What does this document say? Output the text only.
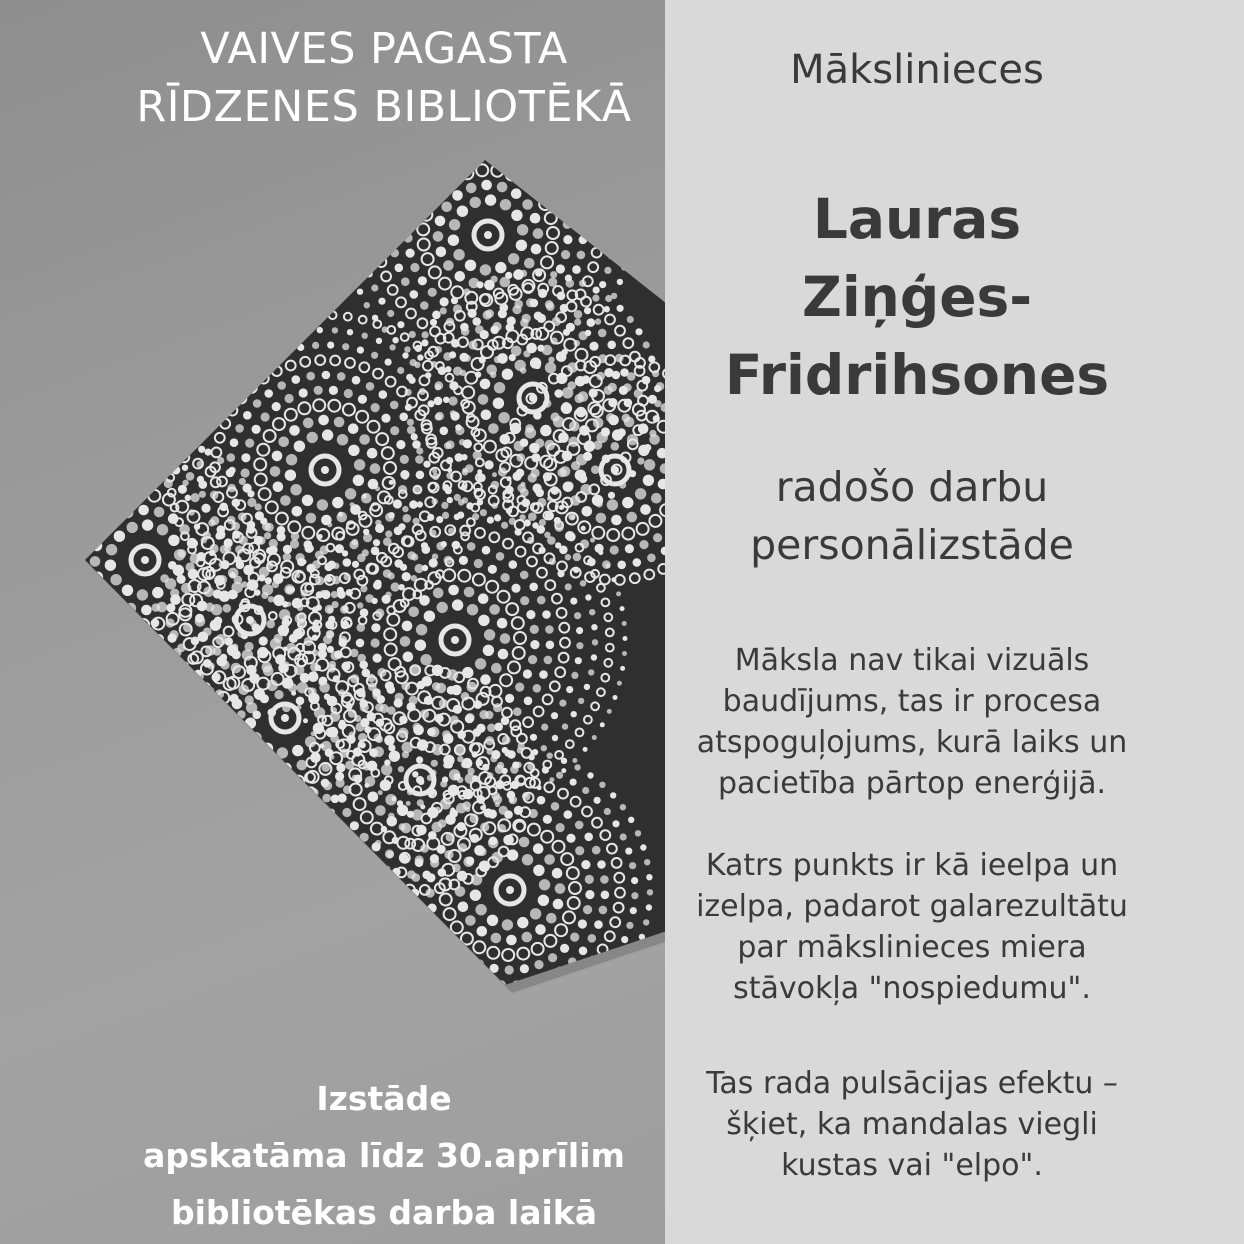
VAIVES PAGASTA
RĪDZENES BIBLIOTĒKĀ
Mākslinieces
Lauras
Ziņģes-
Fridrihsones
radošo darbu
personālizstāde
Māksla nav tikai vizuāls
baudījums, tas ir procesa
atspoguļojums, kurā laiks un
pacietība pārtop enerģijā.
Katrs punkts ir kā ieelpa un
izelpa, padarot galarezultātu
par mākslinieces miera
stāvokļa "nospiedumu".
Tas rada pulsācijas efektu –
šķiet, ka mandalas viegli
kustas vai "elpo".
Izstāde
apskatāma līdz 30.aprīlim
bibliotēkas darba laikā
